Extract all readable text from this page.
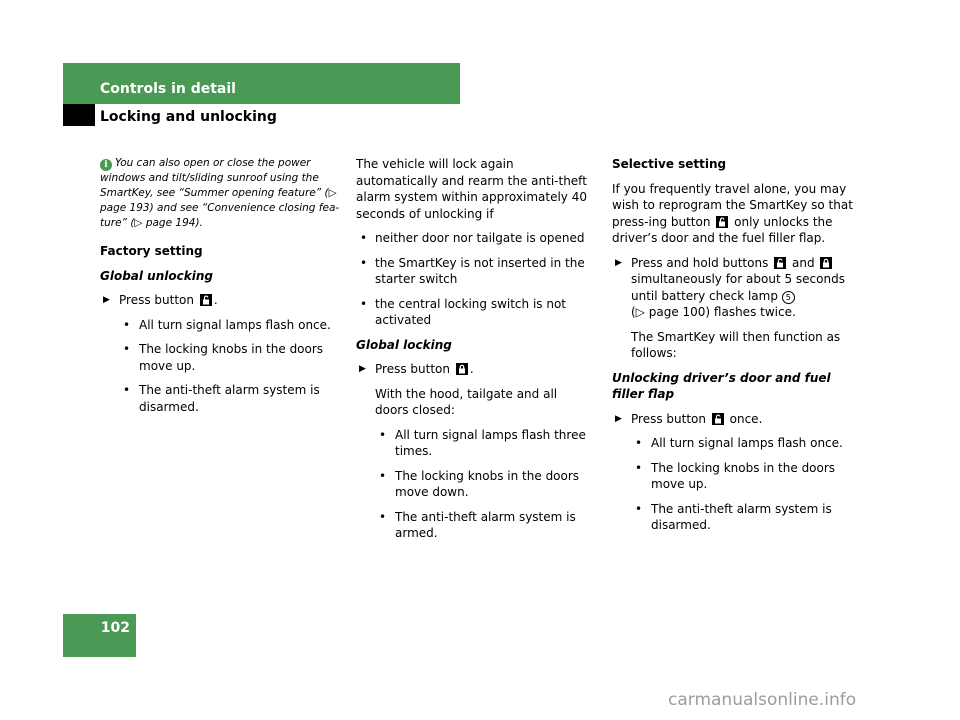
Controls in detail
Locking and unlocking

i You can also open or close the power windows and tilt/sliding sunroof using the SmartKey, see “Summer opening feature” (▷ page 193) and see “Convenience closing fea-ture” (▷ page 194).

Factory setting

Global unlocking

▶ Press button .

• All turn signal lamps flash once.

• The locking knobs in the doors move up.

• The anti-theft alarm system is disarmed.

The vehicle will lock again automatically and rearm the anti-theft alarm system within approximately 40 seconds of unlocking if

• neither door nor tailgate is opened

• the SmartKey is not inserted in the starter switch

• the central locking switch is not activated

Global locking

▶ Press button .

With the hood, tailgate and all doors closed:

• All turn signal lamps flash three times.

• The locking knobs in the doors move down.

• The anti-theft alarm system is armed.

Selective setting

If you frequently travel alone, you may wish to reprogram the SmartKey so that press-ing button only unlocks the driver’s door and the fuel filler flap.

▶ Press and hold buttons and
simultaneously for about 5 seconds until battery check lamp 5
(▷ page 100) flashes twice.

The SmartKey will then function as follows:

Unlocking driver’s door and fuel filler flap

▶ Press button once.

• All turn signal lamps flash once.

• The locking knobs in the doors move up.

• The anti-theft alarm system is disarmed.

102
carmanualsonline.info
